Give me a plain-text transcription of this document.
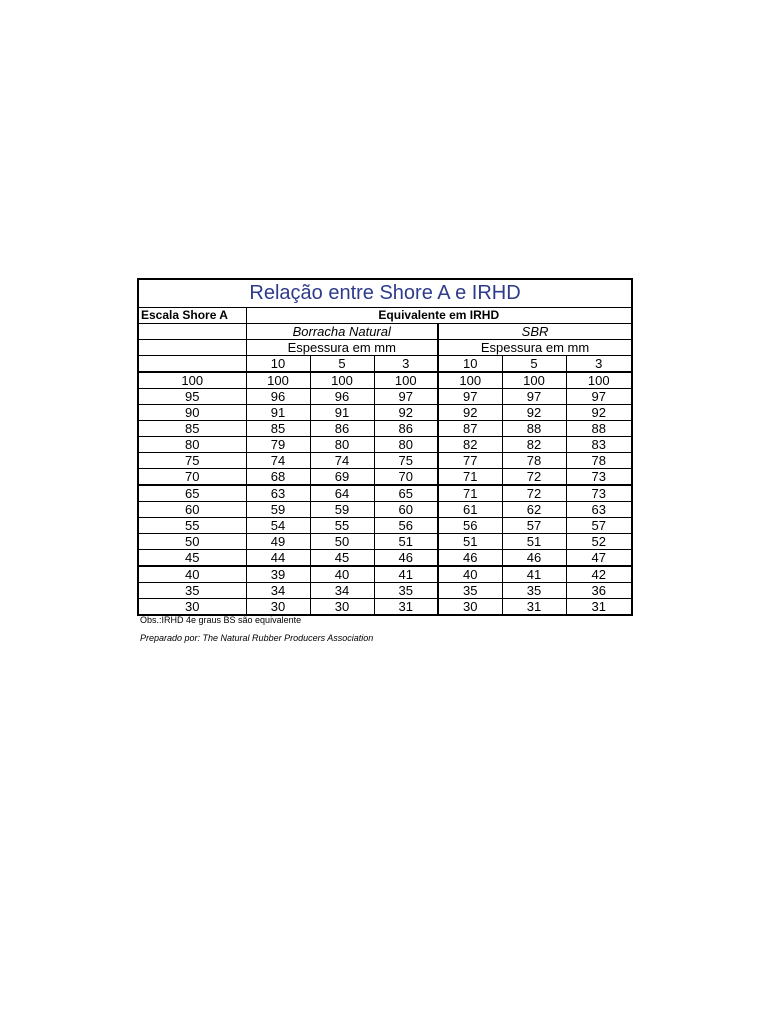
Relação entre Shore A e IRHD						
Escala Shore A	Equivalente em IRHD					
	Borracha Natural			SBR		
	Espessura em mm			Espessura em mm		
	10	5	3	10	5	3
100	100	100	100	100	100	100
95	96	96	97	97	97	97
90	91	91	92	92	92	92
85	85	86	86	87	88	88
80	79	80	80	82	82	83
75	74	74	75	77	78	78
70	68	69	70	71	72	73
65	63	64	65	71	72	73
60	59	59	60	61	62	63
55	54	55	56	56	57	57
50	49	50	51	51	51	52
45	44	45	46	46	46	47
40	39	40	41	40	41	42
35	34	34	35	35	35	36
30	30	30	31	30	31	31
Obs.:IRHD 4e graus BS são equivalente
Preparado por: The Natural Rubber Producers Association
